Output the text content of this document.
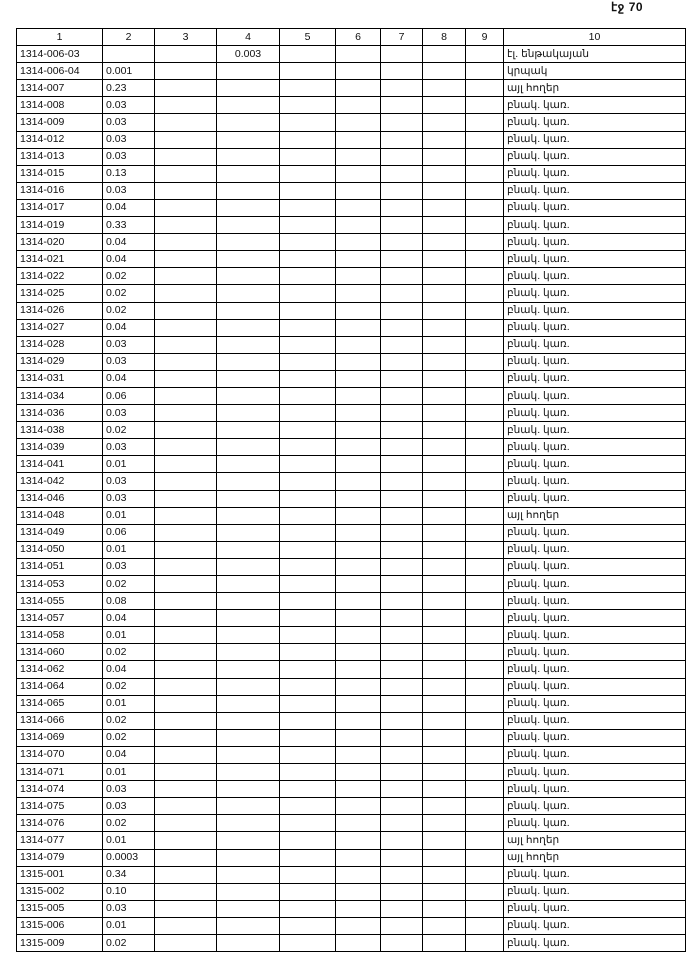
էջ 70
1	2	3	4	5	6	7	8	9	10
1314-006-03			0.003						էլ. ենթակայան
1314-006-04	0.001								կրպակ
1314-007	0.23								այլ հողեր
1314-008	0.03								բնակ. կառ.
1314-009	0.03								բնակ. կառ.
1314-012	0.03								բնակ. կառ.
1314-013	0.03								բնակ. կառ.
1314-015	0.13								բնակ. կառ.
1314-016	0.03								բնակ. կառ.
1314-017	0.04								բնակ. կառ.
1314-019	0.33								բնակ. կառ.
1314-020	0.04								բնակ. կառ.
1314-021	0.04								բնակ. կառ.
1314-022	0.02								բնակ. կառ.
1314-025	0.02								բնակ. կառ.
1314-026	0.02								բնակ. կառ.
1314-027	0.04								բնակ. կառ.
1314-028	0.03								բնակ. կառ.
1314-029	0.03								բնակ. կառ.
1314-031	0.04								բնակ. կառ.
1314-034	0.06								բնակ. կառ.
1314-036	0.03								բնակ. կառ.
1314-038	0.02								բնակ. կառ.
1314-039	0.03								բնակ. կառ.
1314-041	0.01								բնակ. կառ.
1314-042	0.03								բնակ. կառ.
1314-046	0.03								բնակ. կառ.
1314-048	0.01								այլ հողեր
1314-049	0.06								բնակ. կառ.
1314-050	0.01								բնակ. կառ.
1314-051	0.03								բնակ. կառ.
1314-053	0.02								բնակ. կառ.
1314-055	0.08								բնակ. կառ.
1314-057	0.04								բնակ. կառ.
1314-058	0.01								բնակ. կառ.
1314-060	0.02								բնակ. կառ.
1314-062	0.04								բնակ. կառ.
1314-064	0.02								բնակ. կառ.
1314-065	0.01								բնակ. կառ.
1314-066	0.02								բնակ. կառ.
1314-069	0.02								բնակ. կառ.
1314-070	0.04								բնակ. կառ.
1314-071	0.01								բնակ. կառ.
1314-074	0.03								բնակ. կառ.
1314-075	0.03								բնակ. կառ.
1314-076	0.02								բնակ. կառ.
1314-077	0.01								այլ հողեր
1314-079	0.0003								այլ հողեր
1315-001	0.34								բնակ. կառ.
1315-002	0.10								բնակ. կառ.
1315-005	0.03								բնակ. կառ.
1315-006	0.01								բնակ. կառ.
1315-009	0.02								բնակ. կառ.
